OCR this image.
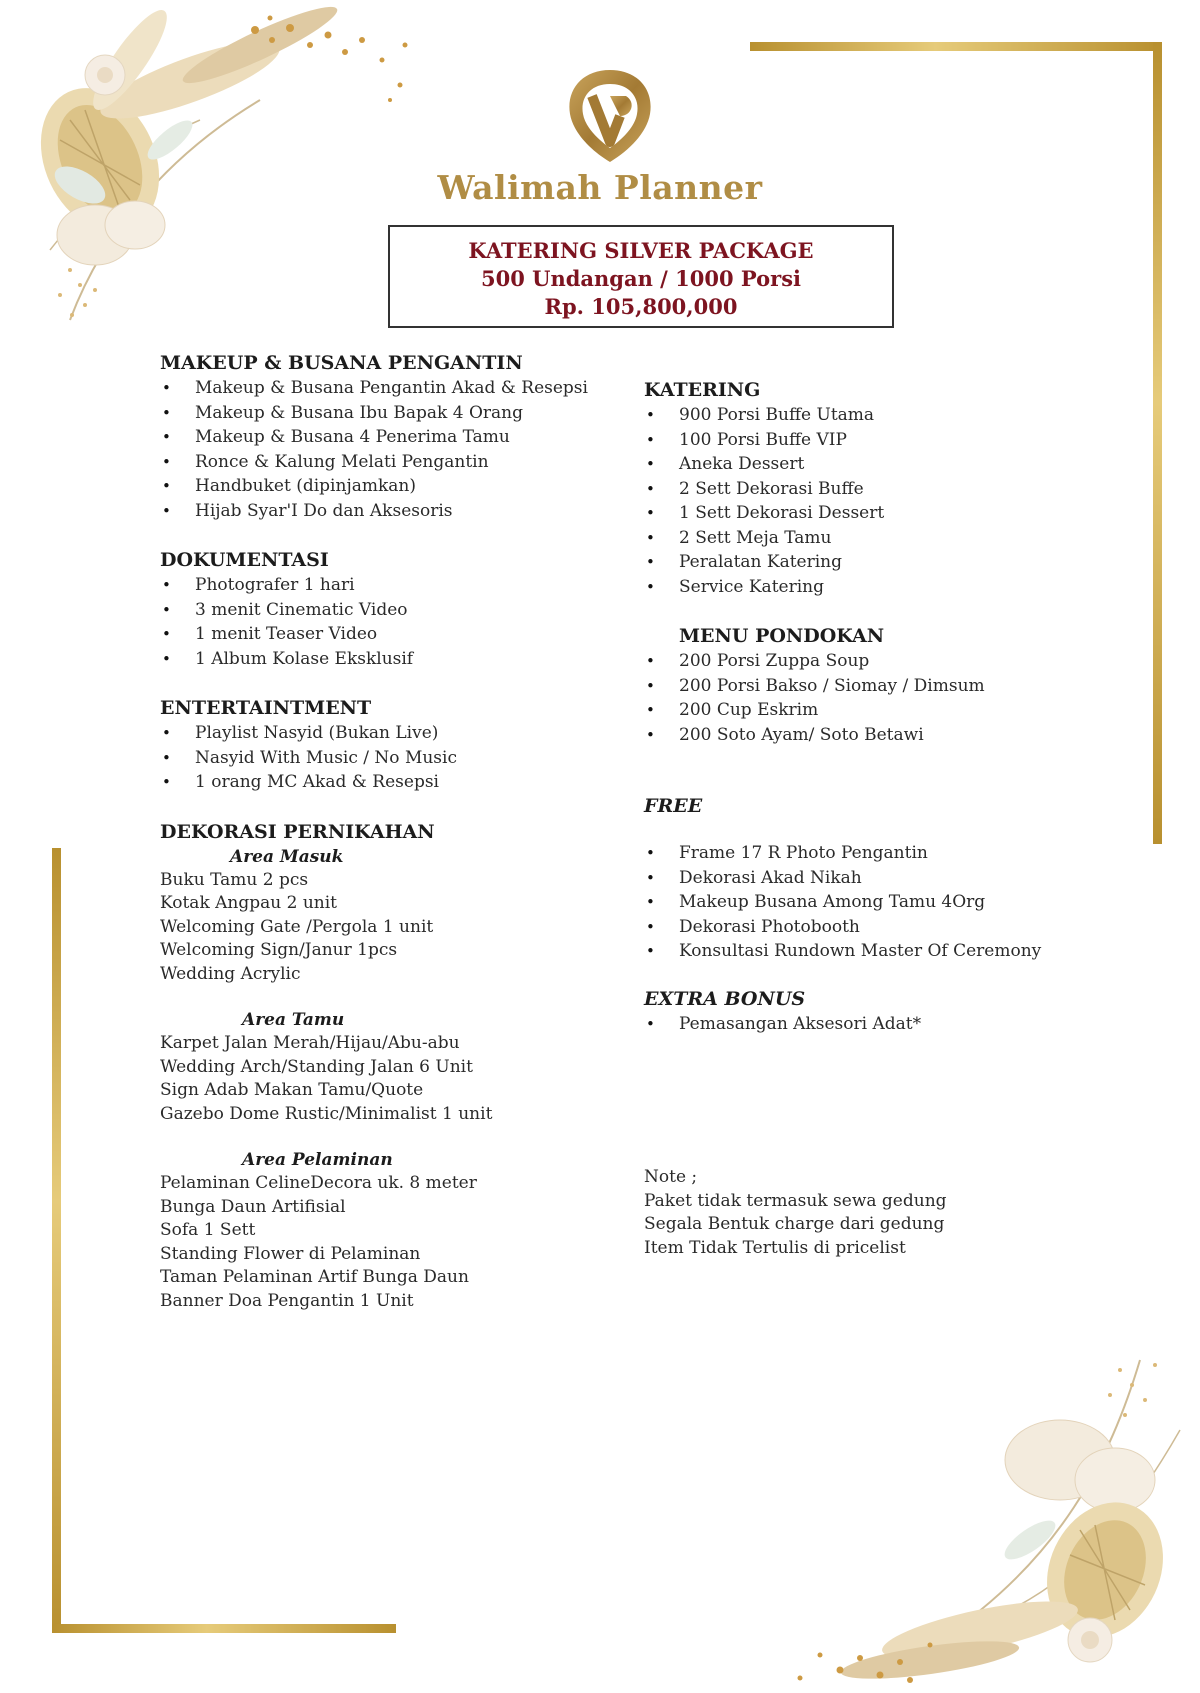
Walimah Planner
KATERING SILVER PACKAGE
500 Undangan / 1000 Porsi
Rp. 105,800,000
MAKEUP & BUSANA PENGANTIN
• Makeup & Busana Pengantin Akad & Resepsi
• Makeup & Busana Ibu Bapak 4 Orang
• Makeup & Busana 4 Penerima Tamu
• Ronce & Kalung Melati Pengantin
• Handbuket (dipinjamkan)
• Hijab Syar'I Do dan Aksesoris
DOKUMENTASI
• Photografer 1 hari
• 3 menit Cinematic Video
• 1 menit Teaser Video
• 1 Album Kolase Eksklusif
ENTERTAINTMENT
• Playlist Nasyid (Bukan Live)
• Nasyid With Music / No Music
• 1 orang MC Akad & Resepsi
DEKORASI PERNIKAHAN
Area Masuk
Buku Tamu 2 pcs
Kotak Angpau 2 unit
Welcoming Gate /Pergola 1 unit
Welcoming Sign/Janur 1pcs
Wedding Acrylic
Area Tamu
Karpet Jalan Merah/Hijau/Abu-abu
Wedding Arch/Standing Jalan 6 Unit
Sign Adab Makan Tamu/Quote
Gazebo Dome Rustic/Minimalist 1 unit
Area Pelaminan
Pelaminan CelineDecora uk. 8 meter
Bunga Daun Artifisial
Sofa 1 Sett
Standing Flower di Pelaminan
Taman Pelaminan Artif Bunga Daun
Banner Doa Pengantin 1 Unit
KATERING
• 900 Porsi Buffe Utama
• 100 Porsi Buffe VIP
• Aneka Dessert
• 2 Sett Dekorasi Buffe
• 1 Sett Dekorasi Dessert
• 2 Sett Meja Tamu
• Peralatan Katering
• Service Katering
MENU PONDOKAN
• 200 Porsi Zuppa Soup
• 200 Porsi Bakso / Siomay / Dimsum
• 200 Cup Eskrim
• 200 Soto Ayam/ Soto Betawi
FREE
• Frame 17 R Photo Pengantin
• Dekorasi Akad Nikah
• Makeup Busana Among Tamu 4Org
• Dekorasi Photobooth
• Konsultasi Rundown Master Of Ceremony
EXTRA BONUS
• Pemasangan Aksesori Adat*
Note ;
Paket tidak termasuk sewa gedung
Segala Bentuk charge dari gedung
Item Tidak Tertulis di pricelist
